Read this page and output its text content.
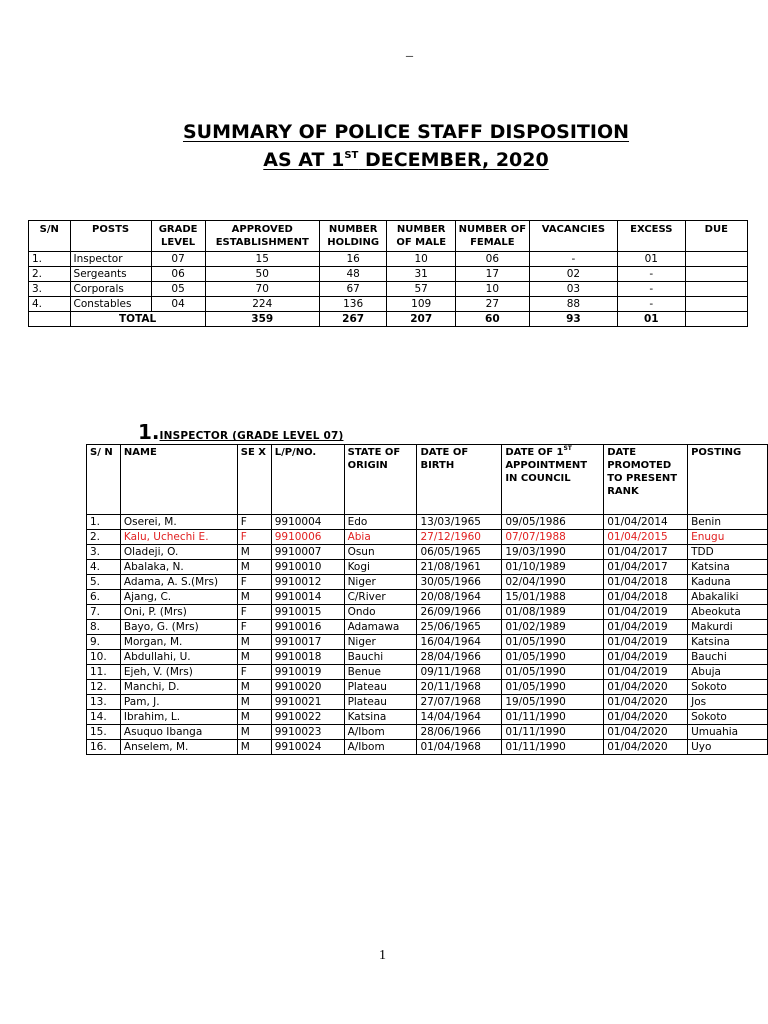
_
SUMMARY OF POLICE STAFF DISPOSITION
AS AT 1ST DECEMBER, 2020
S/N	POSTS	GRADE LEVEL	APPROVED ESTABLISHMENT	NUMBER HOLDING	NUMBER OF MALE	NUMBER OF FEMALE	VACANCIES	EXCESS	DUE
1.	Inspector	07	15	16	10	06	-	01	
2.	Sergeants	06	50	48	31	17	02	-	
3.	Corporals	05	70	67	57	10	03	-	
4.	Constables	04	224	136	109	27	88	-	
	TOTAL		359	267	207	60	93	01	
1.INSPECTOR (GRADE LEVEL 07)
S/ N	NAME	SE X	L/P/NO.	STATE OF ORIGIN	DATE OF BIRTH	DATE OF 1ST APPOINTMENT IN COUNCIL	DATE PROMOTED TO PRESENT RANK	POSTING
1.	Oserei, M.	F	9910004	Edo	13/03/1965	09/05/1986	01/04/2014	Benin
2.	Kalu, Uchechi E.	F	9910006	Abia	27/12/1960	07/07/1988	01/04/2015	Enugu
3.	Oladeji, O.	M	9910007	Osun	06/05/1965	19/03/1990	01/04/2017	TDD
4.	Abalaka, N.	M	9910010	Kogi	21/08/1961	01/10/1989	01/04/2017	Katsina
5.	Adama, A. S.(Mrs)	F	9910012	Niger	30/05/1966	02/04/1990	01/04/2018	Kaduna
6.	Ajang, C.	M	9910014	C/River	20/08/1964	15/01/1988	01/04/2018	Abakaliki
7.	Oni, P. (Mrs)	F	9910015	Ondo	26/09/1966	01/08/1989	01/04/2019	Abeokuta
8.	Bayo, G. (Mrs)	F	9910016	Adamawa	25/06/1965	01/02/1989	01/04/2019	Makurdi
9.	Morgan, M.	M	9910017	Niger	16/04/1964	01/05/1990	01/04/2019	Katsina
10.	Abdullahi, U.	M	9910018	Bauchi	28/04/1966	01/05/1990	01/04/2019	Bauchi
11.	Ejeh, V. (Mrs)	F	9910019	Benue	09/11/1968	01/05/1990	01/04/2019	Abuja
12.	Manchi, D.	M	9910020	Plateau	20/11/1968	01/05/1990	01/04/2020	Sokoto
13.	Pam, J.	M	9910021	Plateau	27/07/1968	19/05/1990	01/04/2020	Jos
14.	Ibrahim, L.	M	9910022	Katsina	14/04/1964	01/11/1990	01/04/2020	Sokoto
15.	Asuquo Ibanga	M	9910023	A/Ibom	28/06/1966	01/11/1990	01/04/2020	Umuahia
16.	Anselem, M.	M	9910024	A/Ibom	01/04/1968	01/11/1990	01/04/2020	Uyo
1
